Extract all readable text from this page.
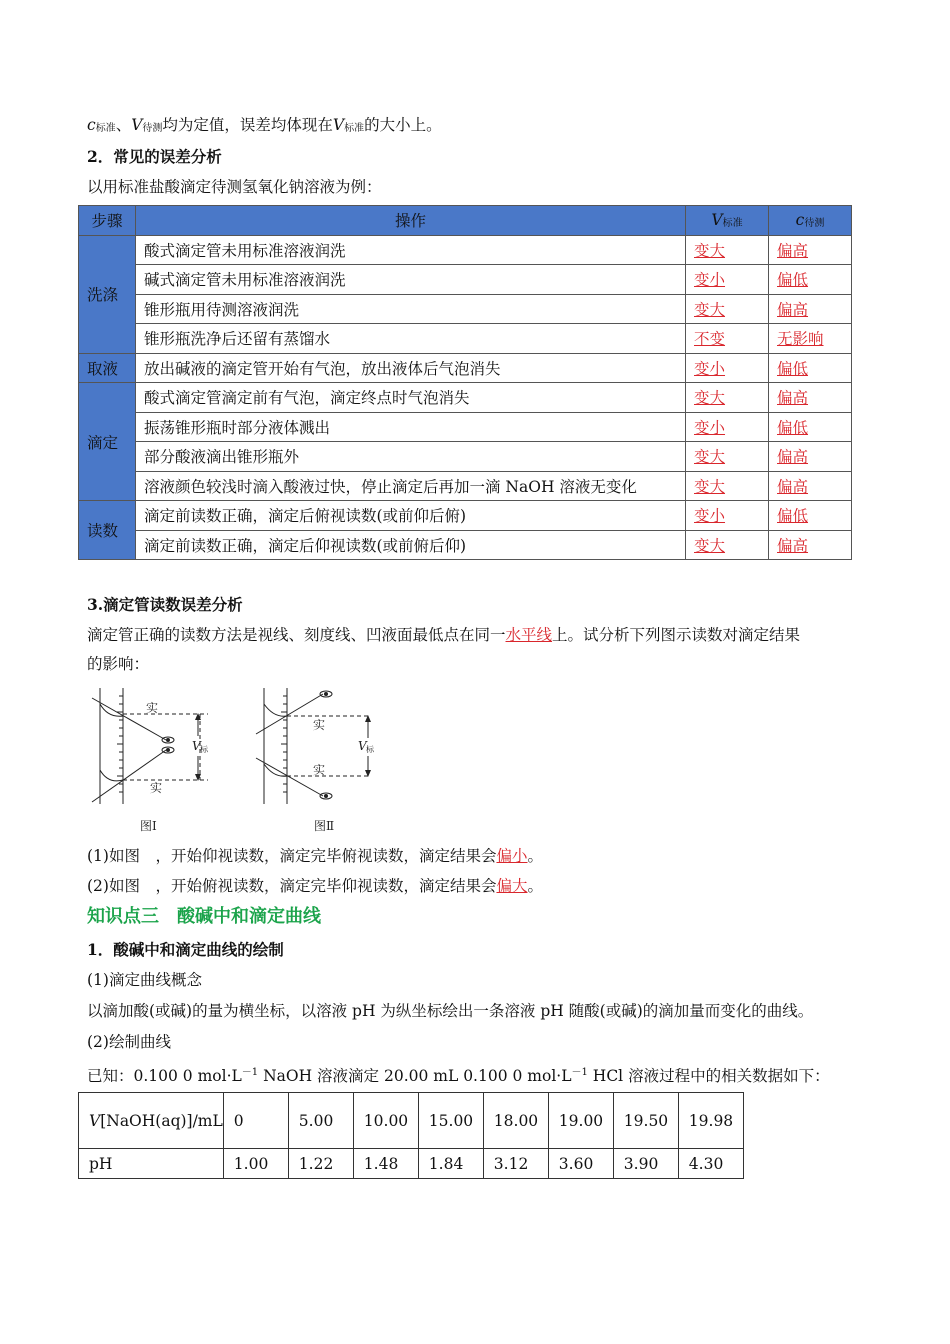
$c_{标准}$、$V_{待测}$均为定值，误差均体现在$V_{标准}$的大小上。
2．常见的误差分析
以用标准盐酸滴定待测氢氧化钠溶液为例：
步骤	操作	$V_{标准}$	$c_{待测}$
洗涤	酸式滴定管未用标准溶液润洗	变大	偏高
	碱式滴定管未用标准溶液润洗	变小	偏低
	锥形瓶用待测溶液润洗	变大	偏高
	锥形瓶洗净后还留有蒸馏水	不变	无影响
取液	放出碱液的滴定管开始有气泡，放出液体后气泡消失	变小	偏低
滴定	酸式滴定管滴定前有气泡，滴定终点时气泡消失	变大	偏高
	振荡锥形瓶时部分液体溅出	变小	偏低
	部分酸液滴出锥形瓶外	变大	偏高
	溶液颜色较浅时滴入酸液过快，停止滴定后再加一滴 NaOH 溶液无变化	变大	偏高
读数	滴定前读数正确，滴定后俯视读数(或前仰后俯)	变小	偏低
	滴定前读数正确，滴定后仰视读数(或前俯后仰)	变大	偏高
3.滴定管读数误差分析
滴定管正确的读数方法是视线、刻度线、凹液面最低点在同一水平线上。试分析下列图示读数对滴定结果
的影响：
实
实
V 标
实
实
V 标
图Ⅰ	图Ⅱ
(1)如图　，开始仰视读数，滴定完毕俯视读数，滴定结果会偏小。
(2)如图　，开始俯视读数，滴定完毕仰视读数，滴定结果会偏大。
知识点三　酸碱中和滴定曲线
1．酸碱中和滴定曲线的绘制
(1)滴定曲线概念
以滴加酸(或碱)的量为横坐标，以溶液 pH 为纵坐标绘出一条溶液 pH 随酸(或碱)的滴加量而变化的曲线。
(2)绘制曲线
已知：0.100 0 $mol\cdot L^{-1}$ NaOH 溶液滴定 20.00 mL 0.100 0 $mol\cdot L^{-1}$ HCl 溶液过程中的相关数据如下：
V[NaOH(aq)]/mL	0	5.00	10.00	15.00	18.00	19.00	19.50	19.98
pH	1.00	1.22	1.48	1.84	3.12	3.60	3.90	4.30
